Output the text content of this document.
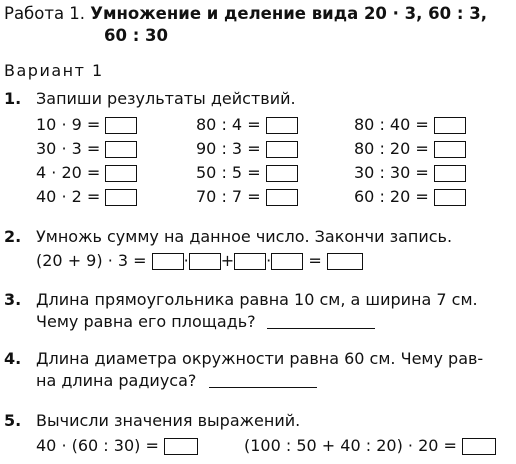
Работа 1. Умножение и деление вида 20 · 3, 60 : 3,
60 : 30
Вариант 1
1. Запиши результаты действий.
10 · 9 =
30 · 3 =
4 · 20 =
40 · 2 =
80 : 4 =
90 : 3 =
50 : 5 =
70 : 7 =
80 : 40 =
80 : 20 =
30 : 30 =
60 : 20 =
2. Умножь сумму на данное число. Закончи запись.
(20 + 9) · 3 = · + · =
3. Длина прямоугольника равна 10 см, а ширина 7 см.
Чему равна его площадь?
4. Длина диаметра окружности равна 60 см. Чему рав-
на длина радиуса?
5. Вычисли значения выражений.
40 · (60 : 30) =	(100 : 50 + 40 : 20) · 20 =
